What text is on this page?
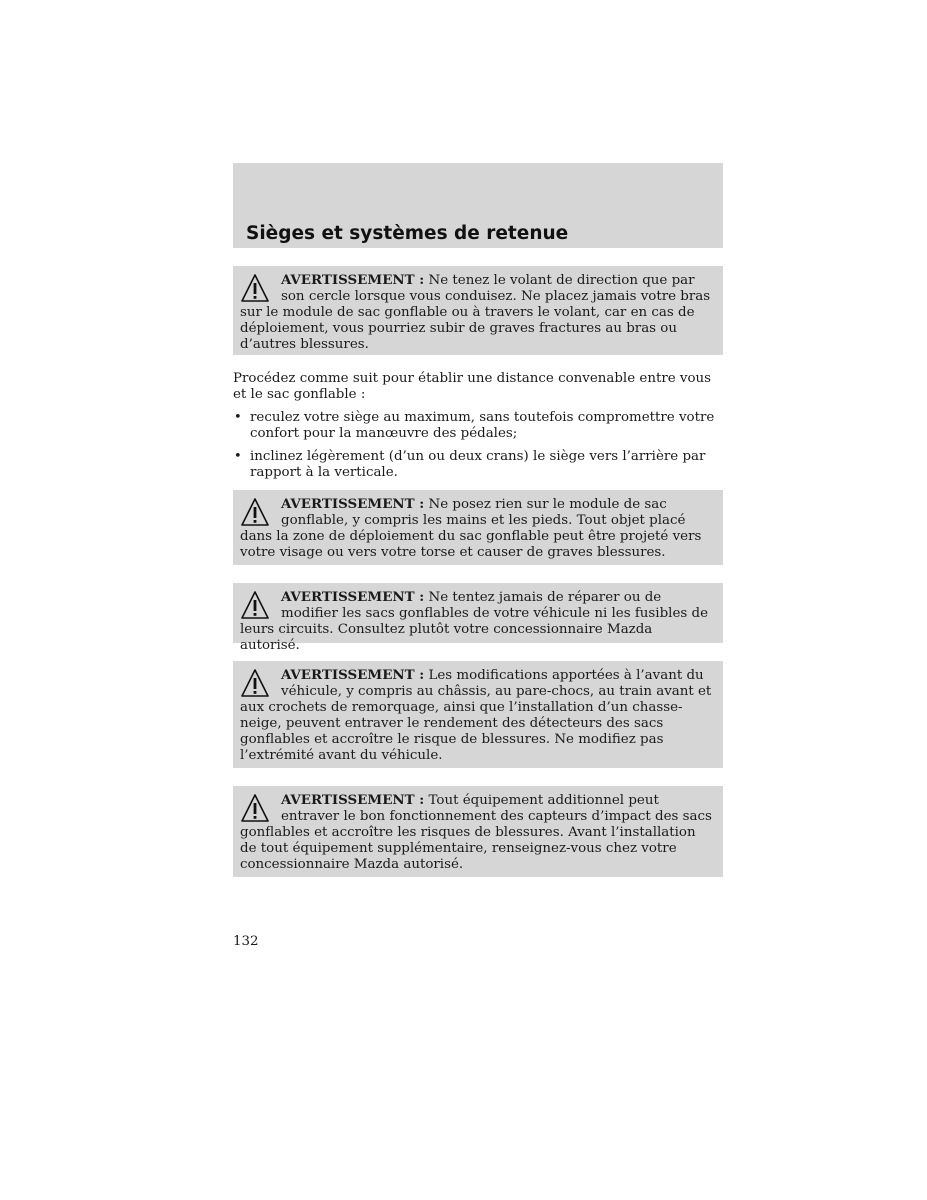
Sièges et systèmes de retenue
AVERTISSEMENT : Ne tenez le volant de direction que par son cercle lorsque vous conduisez. Ne placez jamais votre bras sur le module de sac gonflable ou à travers le volant, car en cas de déploiement, vous pourriez subir de graves fractures au bras ou d’autres blessures.
Procédez comme suit pour établir une distance convenable entre vous et le sac gonflable :
• reculez votre siège au maximum, sans toutefois compromettre votre confort pour la manœuvre des pédales;
• inclinez légèrement (d’un ou deux crans) le siège vers l’arrière par rapport à la verticale.
AVERTISSEMENT : Ne posez rien sur le module de sac gonflable, y compris les mains et les pieds. Tout objet placé dans la zone de déploiement du sac gonflable peut être projeté vers votre visage ou vers votre torse et causer de graves blessures.
AVERTISSEMENT : Ne tentez jamais de réparer ou de modifier les sacs gonflables de votre véhicule ni les fusibles de leurs circuits. Consultez plutôt votre concessionnaire Mazda autorisé.
AVERTISSEMENT : Les modifications apportées à l’avant du véhicule, y compris au châssis, au pare-chocs, au train avant et aux crochets de remorquage, ainsi que l’installation d’un chasse-neige, peuvent entraver le rendement des détecteurs des sacs gonflables et accroître le risque de blessures. Ne modifiez pas l’extrémité avant du véhicule.
AVERTISSEMENT : Tout équipement additionnel peut entraver le bon fonctionnement des capteurs d’impact des sacs gonflables et accroître les risques de blessures. Avant l’installation de tout équipement supplémentaire, renseignez-vous chez votre concessionnaire Mazda autorisé.
132
